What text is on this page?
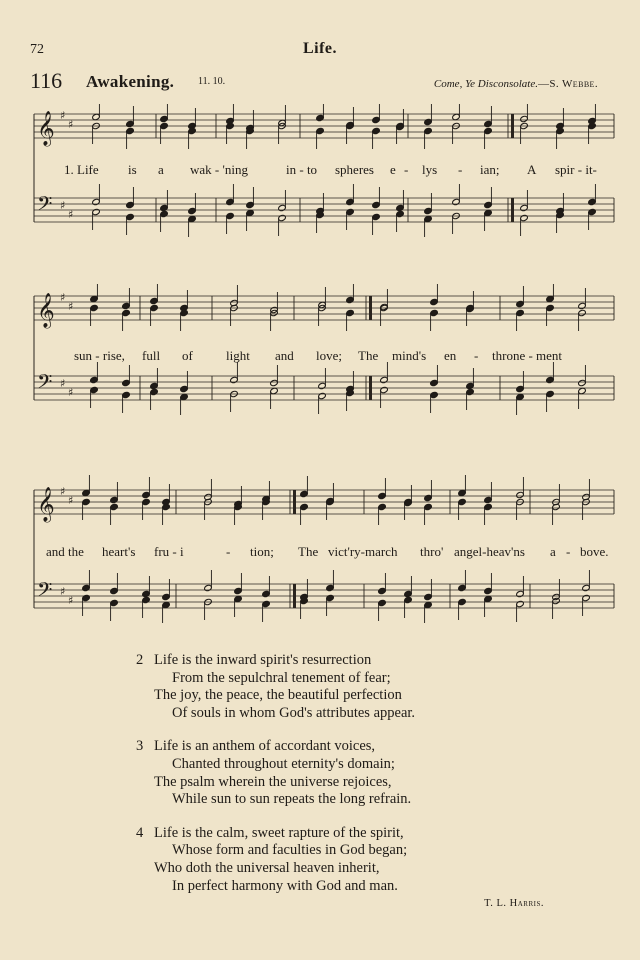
72	Life.
116 Awakening. 11. 10.	Come, Ye Disconsolate.—S. Webbe.
𝄞
𝄢
♯
♯
♯
♯
1. Life is a wak - 'ning	in - to spheres e - lys - ian; A spir - it-
𝄞
𝄢
♯
♯
♯
♯
sun - rise, full of	light and love; The mind's en - throne - ment
𝄞
𝄢
♯
♯
♯
♯
and the heart's fru - i	- tion; The vict'ry-march thro' angel-heav'ns a - bove.
2 Life is the inward spirit's resurrection
From the sepulchral tenement of fear;
The joy, the peace, the beautiful perfection
Of souls in whom God's attributes appear.
3 Life is an anthem of accordant voices,
Chanted throughout eternity's domain;
The psalm wherein the universe rejoices,
While sun to sun repeats the long refrain.
4 Life is the calm, sweet rapture of the spirit,
Whose form and faculties in God began;
Who doth the universal heaven inherit,
In perfect harmony with God and man.
T. L. Harris.
